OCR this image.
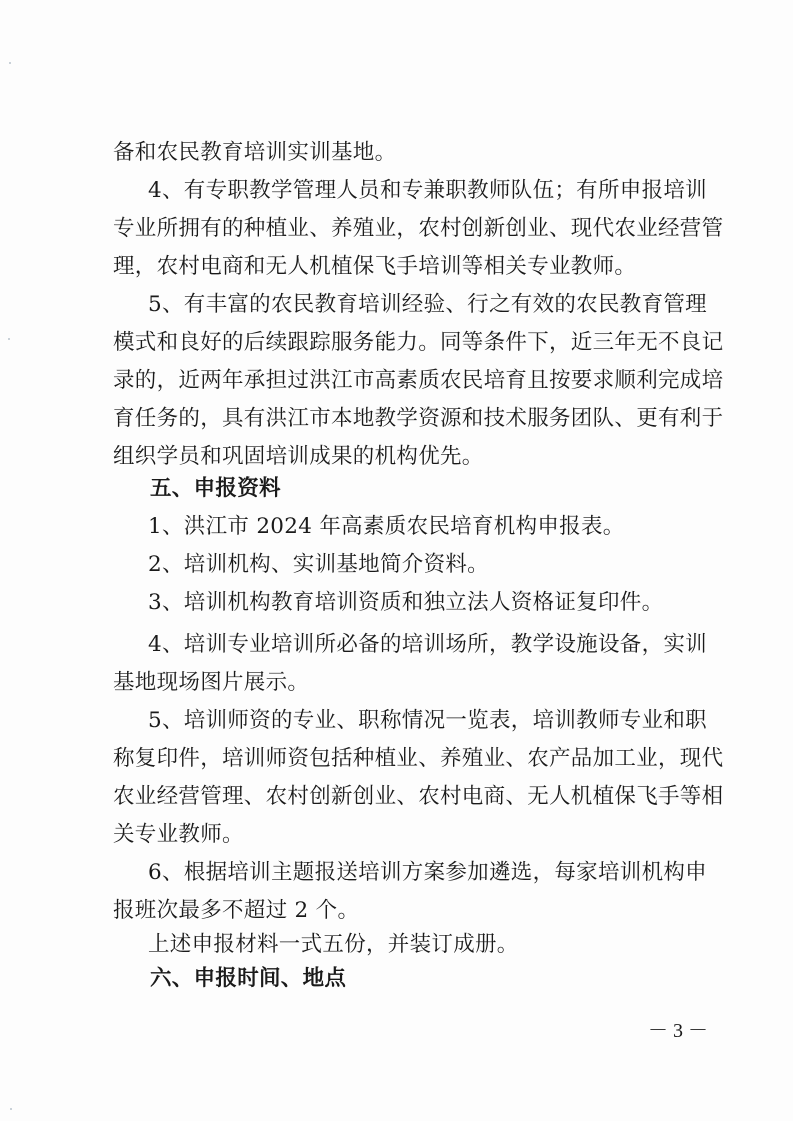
备和农民教育培训实训基地。
4、有专职教学管理人员和专兼职教师队伍；有所申报培训
专业所拥有的种植业、养殖业，农村创新创业、现代农业经营管
理，农村电商和无人机植保飞手培训等相关专业教师。
5、有丰富的农民教育培训经验、行之有效的农民教育管理
模式和良好的后续跟踪服务能力。同等条件下，近三年无不良记
录的，近两年承担过洪江市高素质农民培育且按要求顺利完成培
育任务的，具有洪江市本地教学资源和技术服务团队、更有利于
组织学员和巩固培训成果的机构优先。
五、申报资料
1、洪江市 2024 年高素质农民培育机构申报表。
2、培训机构、实训基地简介资料。
3、培训机构教育培训资质和独立法人资格证复印件。
4、培训专业培训所必备的培训场所，教学设施设备，实训
基地现场图片展示。
5、培训师资的专业、职称情况一览表，培训教师专业和职
称复印件，培训师资包括种植业、养殖业、农产品加工业，现代
农业经营管理、农村创新创业、农村电商、无人机植保飞手等相
关专业教师。
6、根据培训主题报送培训方案参加遴选，每家培训机构申
报班次最多不超过 2 个。
上述申报材料一式五份，并装订成册。
六、申报时间、地点
－ 3 －
